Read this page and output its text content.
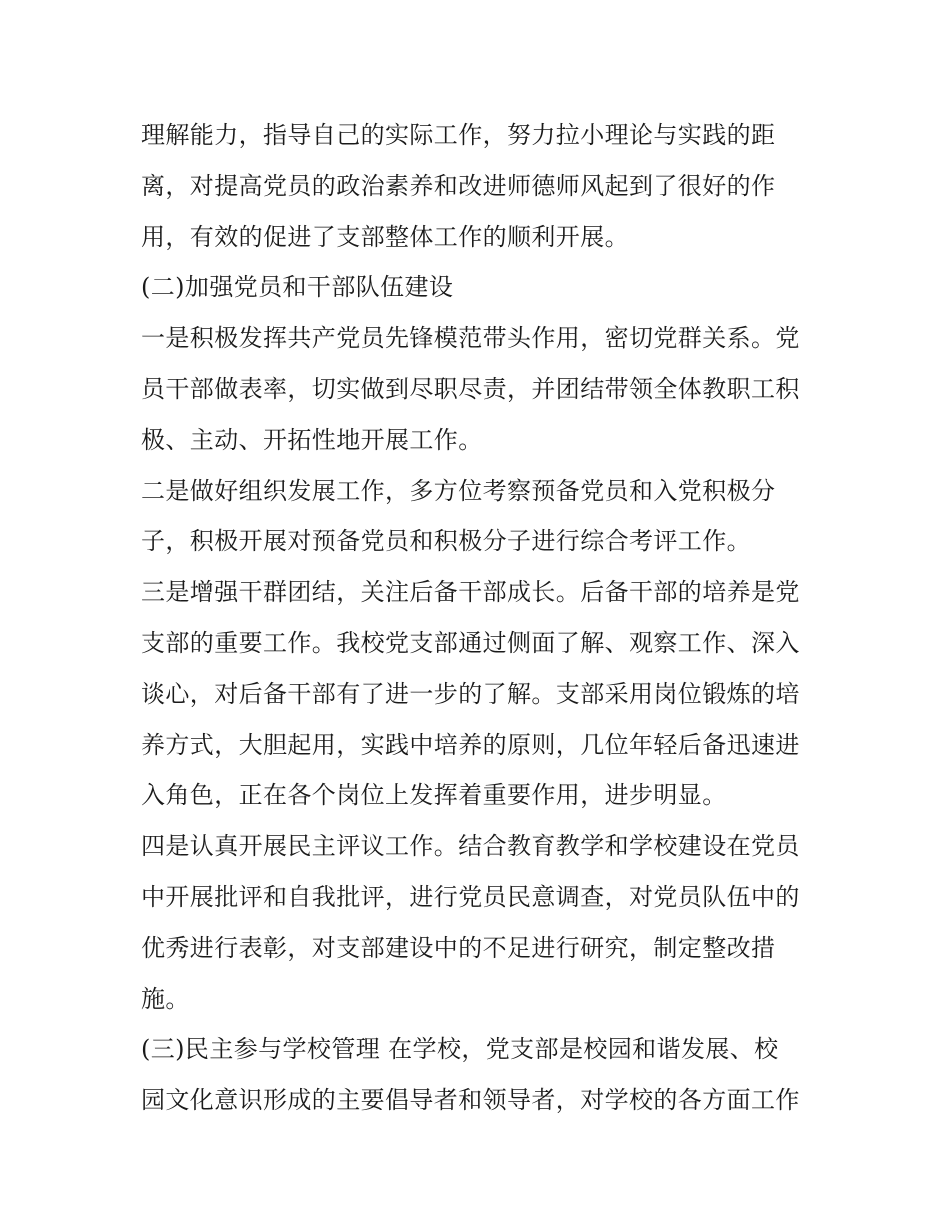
理解能力，指导自己的实际工作，努力拉小理论与实践的距
离，对提高党员的政治素养和改进师德师风起到了很好的作
用，有效的促进了支部整体工作的顺利开展。
(二)加强党员和干部队伍建设
一是积极发挥共产党员先锋模范带头作用，密切党群关系。党
员干部做表率，切实做到尽职尽责，并团结带领全体教职工积
极、主动、开拓性地开展工作。
二是做好组织发展工作，多方位考察预备党员和入党积极分
子，积极开展对预备党员和积极分子进行综合考评工作。
三是增强干群团结，关注后备干部成长。后备干部的培养是党
支部的重要工作。我校党支部通过侧面了解、观察工作、深入
谈心，对后备干部有了进一步的了解。支部采用岗位锻炼的培
养方式，大胆起用，实践中培养的原则，几位年轻后备迅速进
入角色，正在各个岗位上发挥着重要作用，进步明显。
四是认真开展民主评议工作。结合教育教学和学校建设在党员
中开展批评和自我批评，进行党员民意调查，对党员队伍中的
优秀进行表彰，对支部建设中的不足进行研究，制定整改措
施。
(三)民主参与学校管理 在学校，党支部是校园和谐发展、校
园文化意识形成的主要倡导者和领导者，对学校的各方面工作
